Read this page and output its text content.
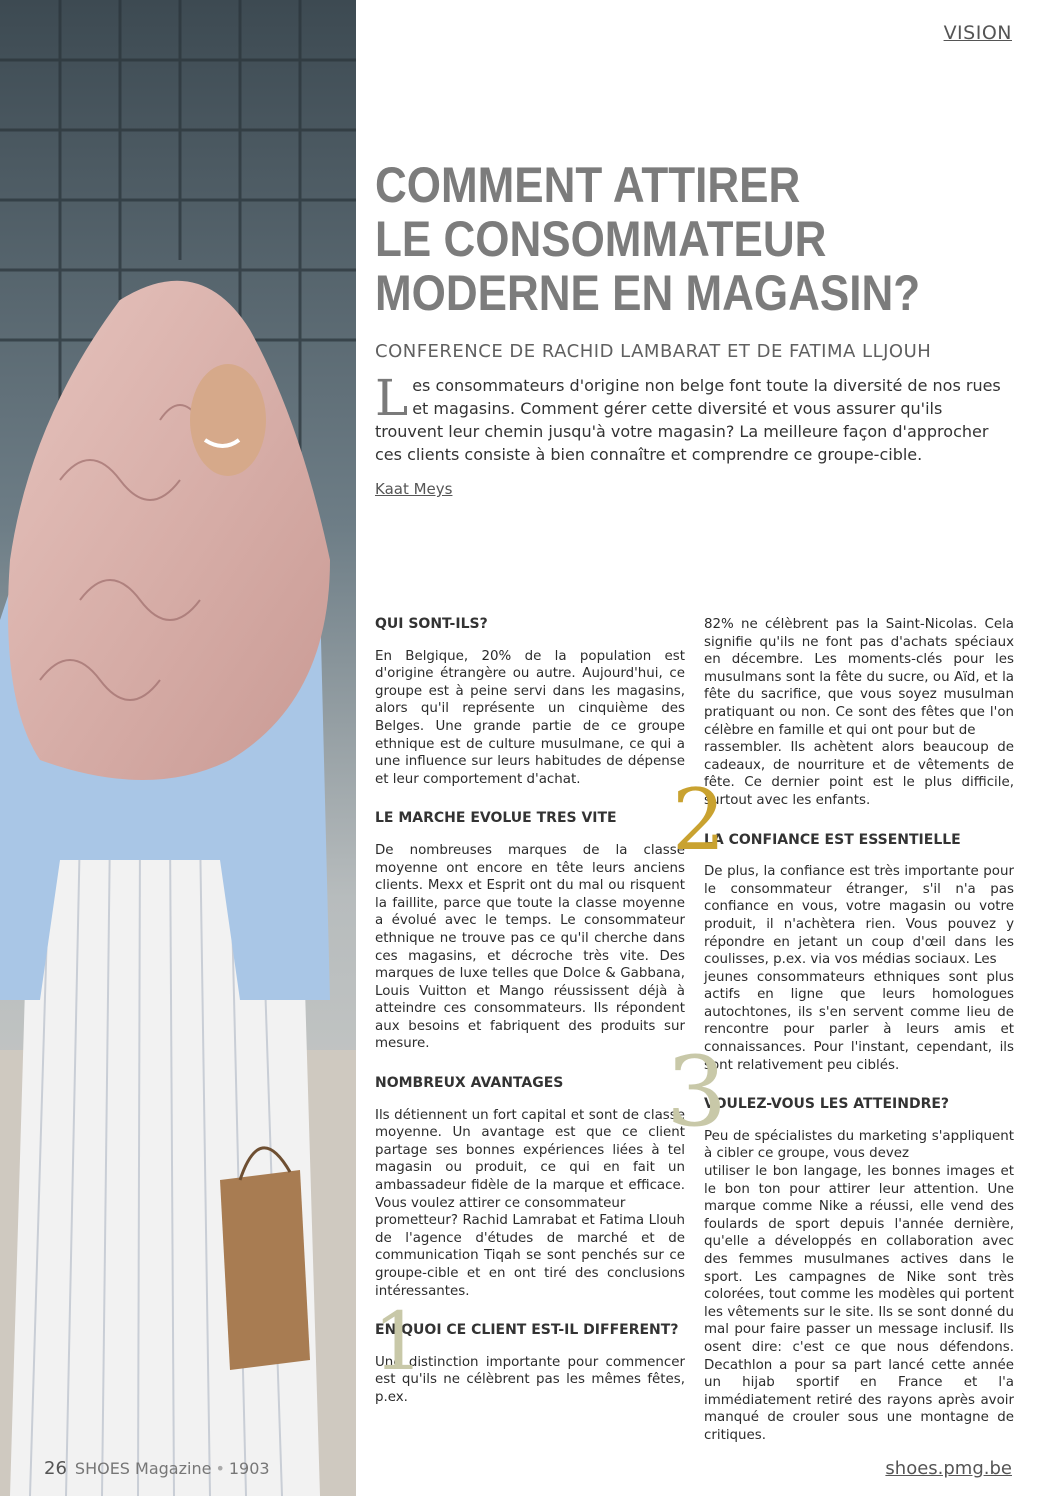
VISION
COMMENT ATTIRER
LE CONSOMMATEUR
MODERNE EN MAGASIN?
CONFERENCE DE RACHID LAMBARAT ET DE FATIMA LLJOUH

Les consommateurs d'origine non belge font toute la diversité de nos rues et magasins. Comment gérer cette diversité et vous assurer qu'ils trouvent leur chemin jusqu'à votre magasin? La meilleure façon d'approcher ces clients consiste à bien connaître et comprendre ce groupe-cible.

Kaat Meys
QUI SONT-ILS?

En Belgique, 20% de la population est d'origine étrangère ou autre. Aujourd'hui, ce groupe est à peine servi dans les magasins, alors qu'il représente un cinquième des Belges. Une grande partie de ce groupe ethnique est de culture musulmane, ce qui a une influence sur leurs habitudes de dépense et leur comportement d'achat.

LE MARCHE EVOLUE TRES VITE

De nombreuses marques de la classe moyenne ont encore en tête leurs anciens clients. Mexx et Esprit ont du mal ou risquent la faillite, parce que toute la classe moyenne a évolué avec le temps. Le consommateur ethnique ne trouve pas ce qu'il cherche dans ces magasins, et décroche très vite. Des marques de luxe telles que Dolce & Gabbana, Louis Vuitton et Mango réussissent déjà à atteindre ces consommateurs. Ils répondent aux besoins et fabriquent des produits sur mesure.

NOMBREUX AVANTAGES

Ils détiennent un fort capital et sont de classe moyenne. Un avantage est que ce client partage ses bonnes expériences liées à tel magasin ou produit, ce qui en fait un ambassadeur fidèle de la marque et efficace. Vous voulez attirer ce consommateur

prometteur? Rachid Lamrabat et Fatima Llouh de l'agence d'études de marché et de communication Tiqah se sont penchés sur ce groupe-cible et en ont tiré des conclusions intéressantes.

EN QUOI CE CLIENT EST-IL DIFFERENT?

Une distinction importante pour commencer est qu'ils ne célèbrent pas les mêmes fêtes, p.ex.

82% ne célèbrent pas la Saint-Nicolas. Cela signifie qu'ils ne font pas d'achats spéciaux en décembre. Les moments-clés pour les musulmans sont la fête du sucre, ou Aïd, et la fête du sacrifice, que vous soyez musulman pratiquant ou non. Ce sont des fêtes que l'on célèbre en famille et qui ont pour but de

rassembler. Ils achètent alors beaucoup de cadeaux, de nourriture et de vêtements de fête. Ce dernier point est le plus difficile, surtout avec les enfants.

LA CONFIANCE EST ESSENTIELLE

De plus, la confiance est très importante pour le consommateur étranger, s'il n'a pas confiance en vous, votre magasin ou votre produit, il n'achètera rien. Vous pouvez y répondre en jetant un coup d'œil dans les coulisses, p.ex. via vos médias sociaux. Les

jeunes consommateurs ethniques sont plus actifs en ligne que leurs homologues autochtones, ils s'en servent comme lieu de rencontre pour parler à leurs amis et connaissances. Pour l'instant, cependant, ils sont relativement peu ciblés.

VOULEZ-VOUS LES ATTEINDRE?

Peu de spécialistes du marketing s'appliquent à cibler ce groupe, vous devez

utiliser le bon langage, les bonnes images et le bon ton pour attirer leur attention. Une marque comme Nike a réussi, elle vend des foulards de sport depuis l'année dernière, qu'elle a développés en collaboration avec des femmes musulmanes actives dans le sport. Les campagnes de Nike sont très colorées, tout comme les modèles qui portent les vêtements sur le site. Ils se sont donné du mal pour faire passer un message inclusif. Ils osent dire: c'est ce que nous défendons. Decathlon a pour sa part lancé cette année un hijab sportif en France et l'a immédiatement retiré des rayons après avoir manqué de crouler sous une montagne de critiques.

1
2
3
26 SHOES Magazine • 1903	shoes.pmg.be
